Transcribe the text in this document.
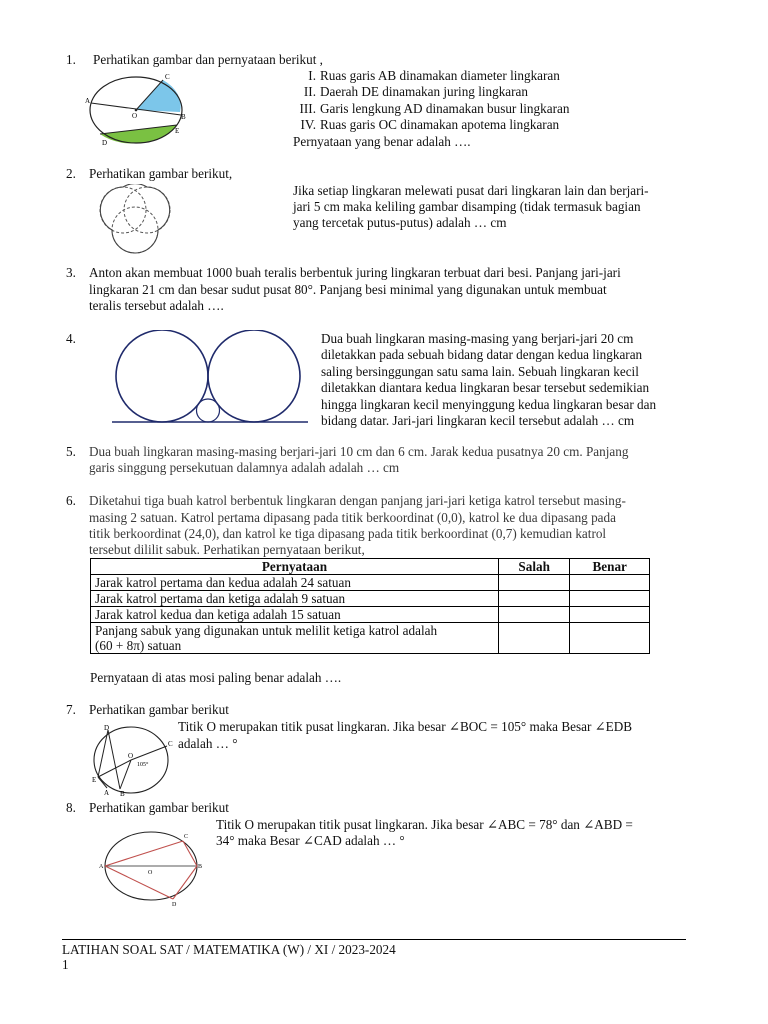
1. Perhatikan gambar dan pernyataan berikut ,
A
C
O	B
E
D
I. Ruas garis AB dinamakan diameter lingkaran
II. Daerah DE dinamakan juring lingkaran
III. Garis lengkung AD dinamakan busur lingkaran
IV. Ruas garis OC dinamakan apotema lingkaran
Pernyataan yang benar adalah ….
2. Perhatikan gambar berikut,
Jika setiap lingkaran melewati pusat dari lingkaran lain dan berjari-
jari 5 cm maka keliling gambar disamping (tidak termasuk bagian
yang tercetak putus-putus) adalah … cm
3. Anton akan membuat 1000 buah teralis berbentuk juring lingkaran terbuat dari besi. Panjang jari-jari
lingkaran 21 cm dan besar sudut pusat 80°. Panjang besi minimal yang digunakan untuk membuat
teralis tersebut adalah ….
4.	Dua buah lingkaran masing-masing yang berjari-jari 20 cm
diletakkan pada sebuah bidang datar dengan kedua lingkaran
saling bersinggungan satu sama lain. Sebuah lingkaran kecil
diletakkan diantara kedua lingkaran besar tersebut sedemikian
hingga lingkaran kecil menyinggung kedua lingkaran besar dan
bidang datar. Jari-jari lingkaran kecil tersebut adalah … cm
5. Dua buah lingkaran masing-masing berjari-jari 10 cm dan 6 cm. Jarak kedua pusatnya 20 cm. Panjang
garis singgung persekutuan dalamnya adalah adalah … cm
6. Diketahui tiga buah katrol berbentuk lingkaran dengan panjang jari-jari ketiga katrol tersebut masing-
masing 2 satuan. Katrol pertama dipasang pada titik berkoordinat (0,0), katrol ke dua dipasang pada
titik berkoordinat (24,0), dan katrol ke tiga dipasang pada titik berkoordinat (0,7) kemudian katrol
tersebut dililit sabuk. Perhatikan pernyataan berikut,
Pernyataan	Salah	Benar
Jarak katrol pertama dan kedua adalah 24 satuan		
Jarak katrol pertama dan ketiga adalah 9 satuan		
Jarak katrol kedua dan ketiga adalah 15 satuan		

Panjang sabuk yang digunakan untuk melilit ketiga katrol adalah
(60 + 8π) satuan		

Pernyataan di atas mosi paling benar adalah ….
7. Perhatikan gambar berikut
D
C
O
105°
E
A B
Titik O merupakan titik pusat lingkaran. Jika besar ∠BOC = 105° maka Besar ∠EDB
adalah … °
8. Perhatikan gambar berikut
A
O
B
C
D
Titik O merupakan titik pusat lingkaran. Jika besar ∠ABC = 78° dan ∠ABD =
34° maka Besar ∠CAD adalah … °
LATIHAN SOAL SAT / MATEMATIKA (W) / XI / 2023-2024
1
